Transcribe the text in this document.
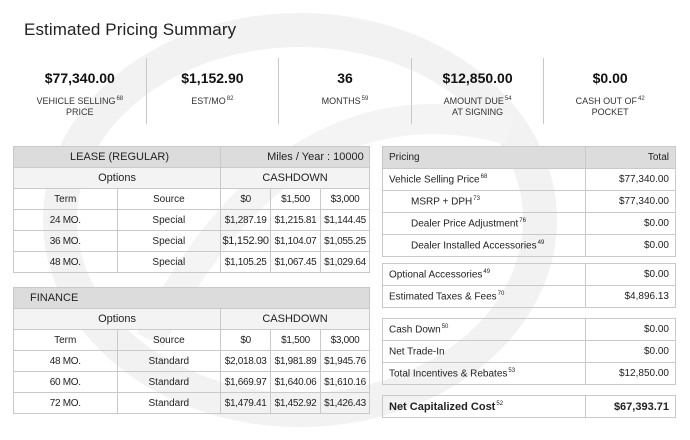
Estimated Pricing Summary
$77,340.00
VEHICLE SELLING$^{68}$
PRICE
$1,152.90
EST/MO$^{82}$

36
MONTHS$^{59}$

$12,850.00
AMOUNT DUE$^{54}$
AT SIGNING
$0.00
CASH OUT OF$^{42}$
POCKET
LEASE (REGULAR)		Miles / Year : 10000		
Options		CASHDOWN		
Term	Source	$0	$1,500	$3,000
24 MO.	Special	$1,287.19	$1,215.81	$1,144.45
36 MO.	Special	$1,152.90	$1,104.07	$1,055.25
48 MO.	Special	$1,105.25	$1,067.45	$1,029.64
FINANCE				
Options		CASHDOWN		
Term	Source	$0	$1,500	$3,000
48 MO.	Standard	$2,018.03	$1,981.89	$1,945.76
60 MO.	Standard	$1,669.97	$1,640.06	$1,610.16
72 MO.	Standard	$1,479.41	$1,452.92	$1,426.43
Pricing	Total
Vehicle Selling Price$^{68}$	$77,340.00
MSRP + $DPH^{73}$	$77,340.00
Dealer Price Adjustment$^{76}$	$0.00
Dealer Installed Accessories$^{49}$	$0.00
Optional Accessories$^{49}$	$0.00
Estimated Taxes & Fees$^{70}$	$4,896.13
Cash Down$^{50}$	$0.00
Net Trade-In	$0.00
Total Incentives & Rebates$^{53}$	$12,850.00
Net Capitalized Cost$^{52}$	$67,393.71
